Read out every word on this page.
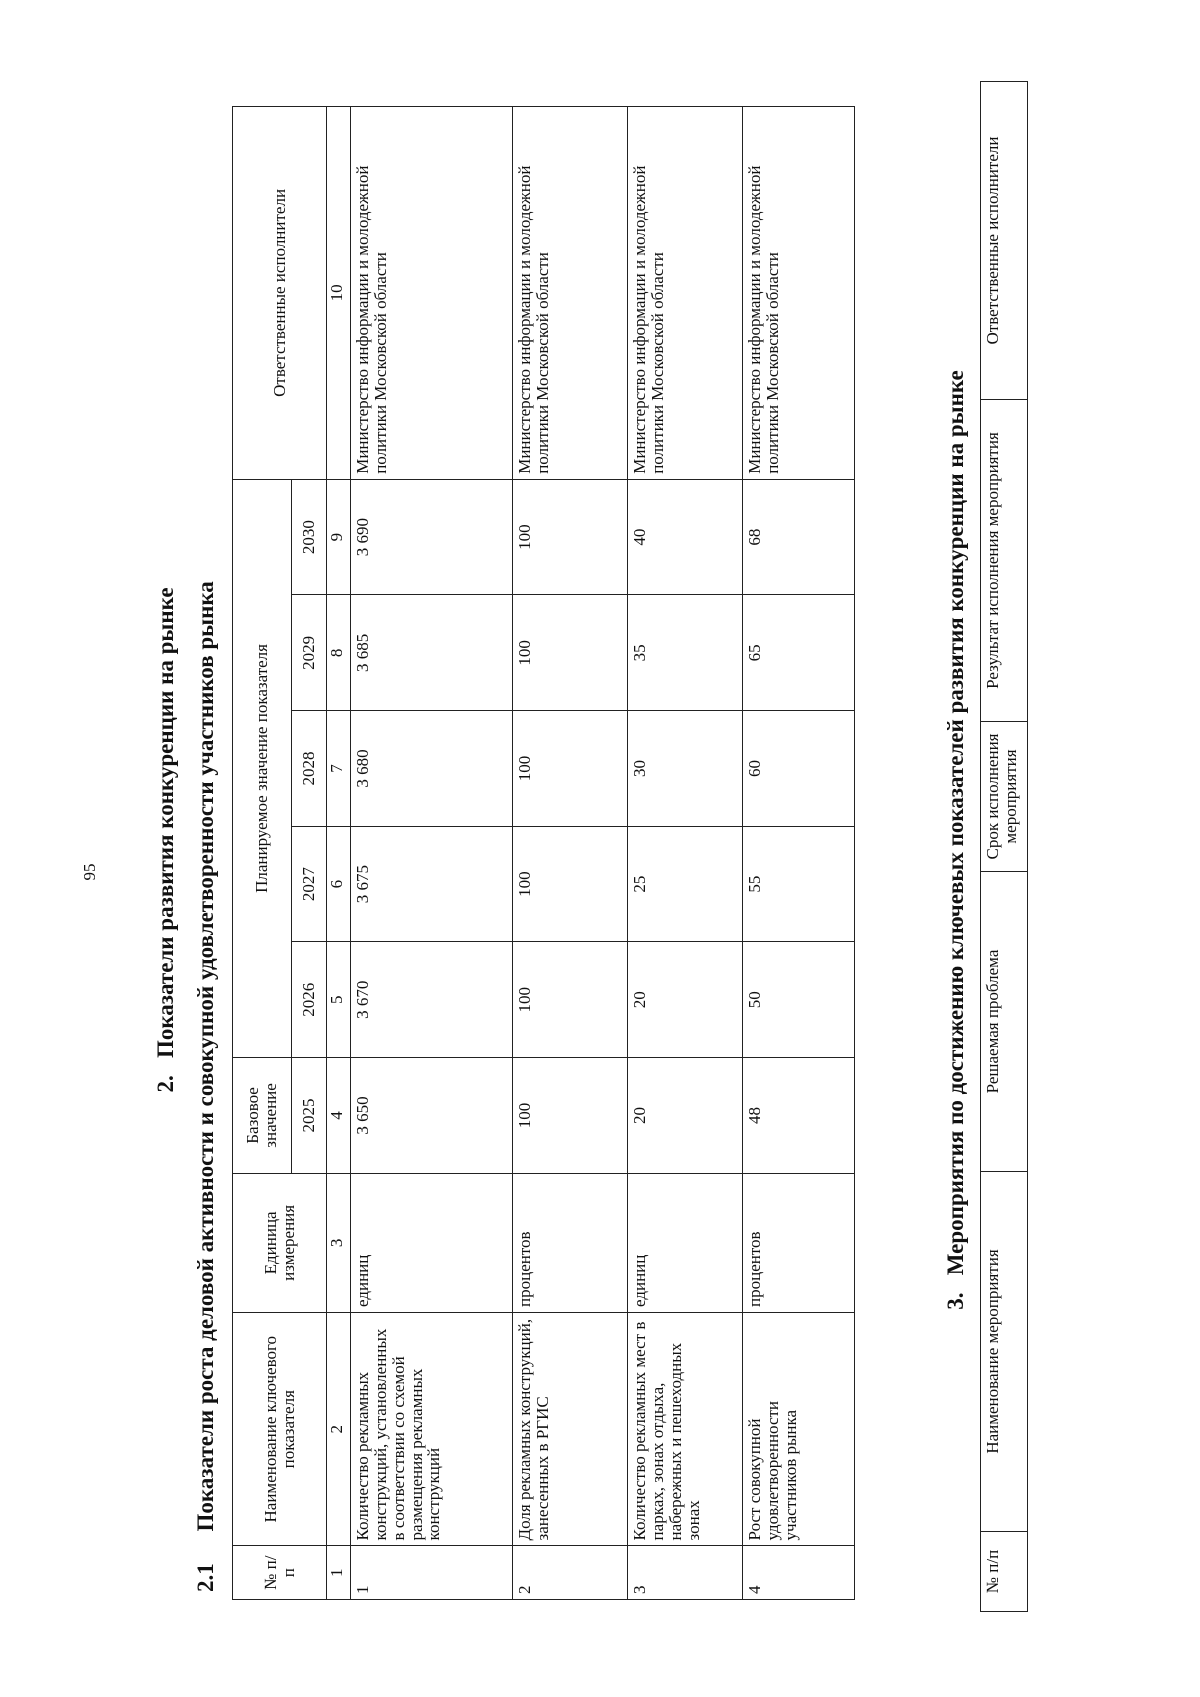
95
2.   Показатели развития конкуренции на рынке
2.1 Показатели роста деловой активности и совокупной удовлетворенности участников рынка
№ п/п	Наименование ключевого показателя	Единица измерения	Базовое значение	Планируемое значение показателя					Ответственные исполнители
			2025	2026	2027	2028	2029	2030	
1	2	3	4	5	6	7	8	9	10
1	Количество рекламных конструкций, установленных в соответствии со схемой размещения рекламных конструкций	единиц	3 650	3 670	3 675	3 680	3 685	3 690	Министерство информации и молодежной политики Московской области
2	Доля рекламных конструкций, занесенных в РГИС	процентов	100	100	100	100	100	100	Министерство информации и молодежной политики Московской области
3	Количество рекламных мест в парках, зонах отдыха, набережных и пешеходных зонах	единиц	20	20	25	30	35	40	Министерство информации и молодежной политики Московской области
4	Рост совокупной удовлетворенности участников рынка	процентов	48	50	55	60	65	68	Министерство информации и молодежной политики Московской области
3.   Мероприятия по достижению ключевых показателей развития конкуренции на рынке
№ п/п	Наименование мероприятия	Решаемая проблема	Срок исполнения мероприятия	Результат исполнения мероприятия	Ответственные исполнители
